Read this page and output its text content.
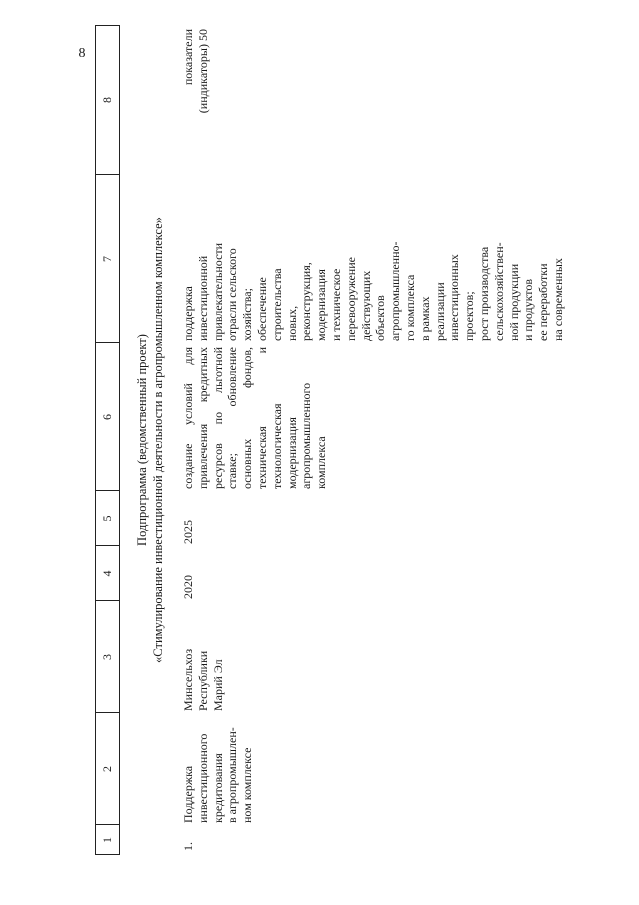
8
1
2
3
4
5
6
7
8
Подпрограмма (ведомственный проект) «Стимулирование инвестиционной деятельности в агропромышленном комплексе»
1.
Поддержка инвестиционного кредитования в агропромышлен- ном комплексе
Минсельхоз Республики Марий Эл
2020
2025
создание условий для привлечения кредитных ресурсов по льготной ставке; обновление основных фондов, техническая и технологическая модернизация агропромышленного комплекса
поддержка инвестиционной привлекательности отрасли сельского хозяйства; обеспечение строительства новых, реконструкция, модернизация и техническое перевооружение действующих объектов агропромышленно- го комплекса в рамках реализации инвестиционных проектов; рост производства сельскохозяйствен- ной продукции и продуктов ее переработки на современных
показатели (индикаторы) 50
